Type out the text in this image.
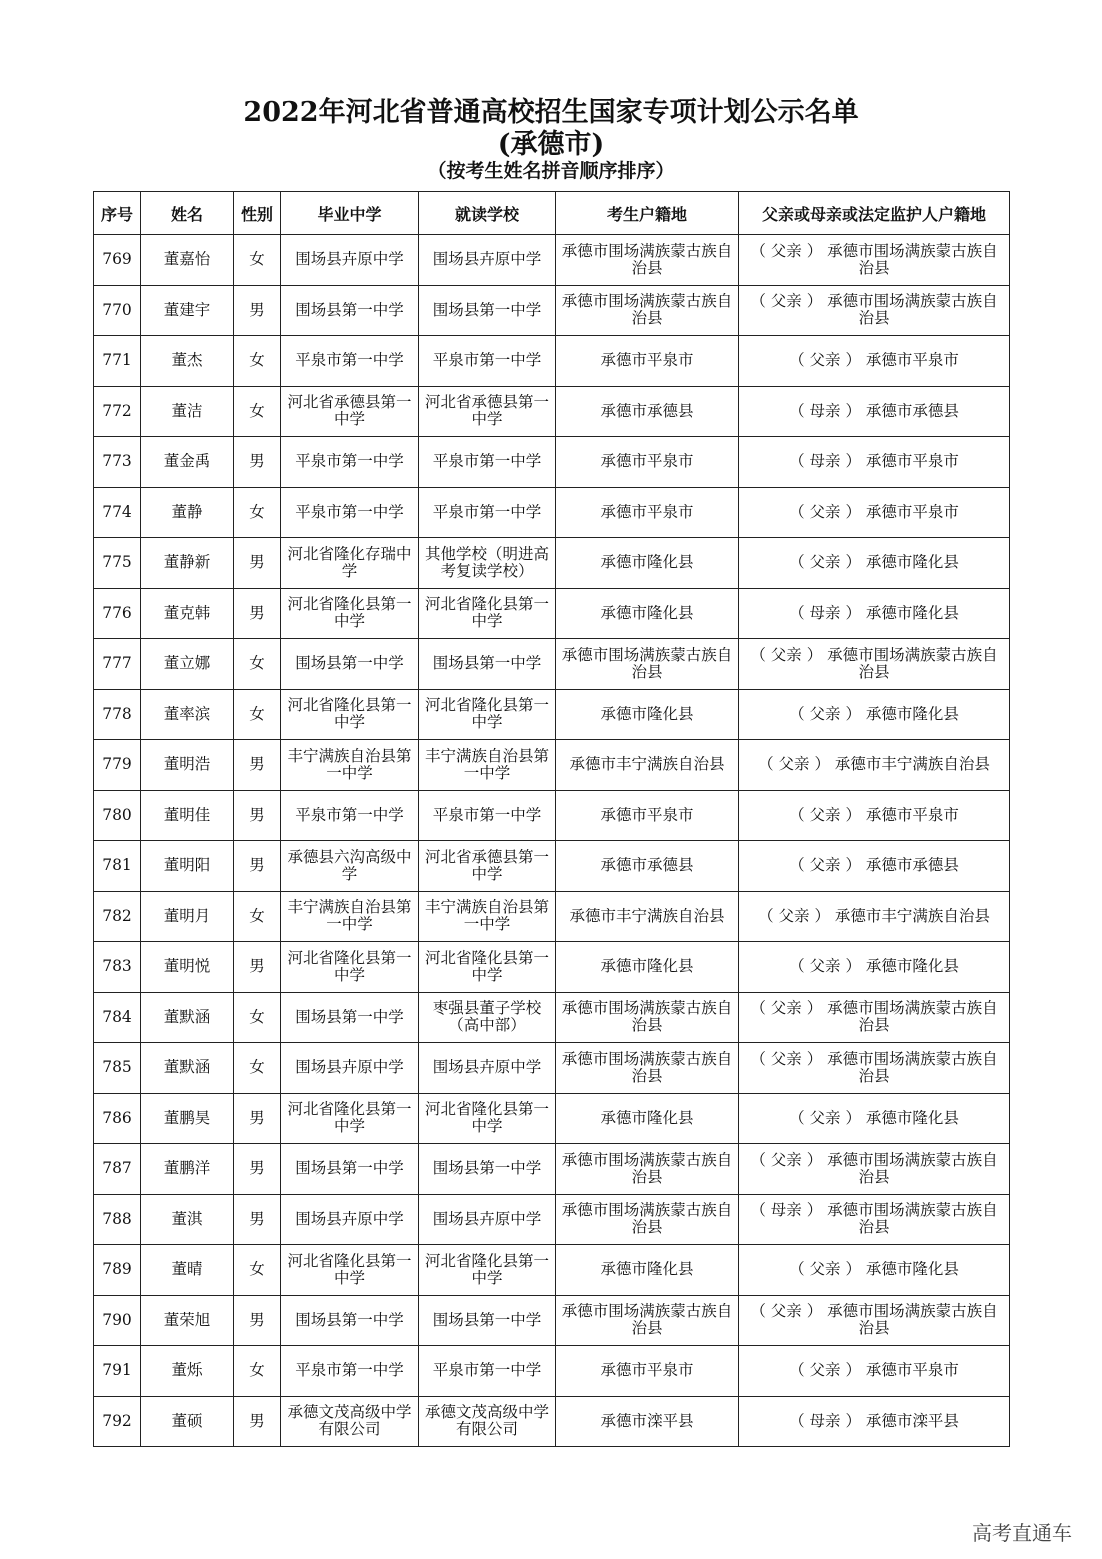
2022年河北省普通高校招生国家专项计划公示名单
(承德市)
（按考生姓名拼音顺序排序）
序号	姓名	性别	毕业中学	就读学校	考生户籍地	父亲或母亲或法定监护人户籍地
769	董嘉怡	女	围场县卉原中学	围场县卉原中学	承德市围场满族蒙古族自治县	（ 父亲 ） 承德市围场满族蒙古族自治县
770	董建宇	男	围场县第一中学	围场县第一中学	承德市围场满族蒙古族自治县	（ 父亲 ） 承德市围场满族蒙古族自治县
771	董杰	女	平泉市第一中学	平泉市第一中学	承德市平泉市	（ 父亲 ） 承德市平泉市
772	董洁	女	河北省承德县第一中学	河北省承德县第一中学	承德市承德县	（ 母亲 ） 承德市承德县
773	董金禹	男	平泉市第一中学	平泉市第一中学	承德市平泉市	（ 母亲 ） 承德市平泉市
774	董静	女	平泉市第一中学	平泉市第一中学	承德市平泉市	（ 父亲 ） 承德市平泉市
775	董静新	男	河北省隆化存瑞中学	其他学校（明进高考复读学校）	承德市隆化县	（ 父亲 ） 承德市隆化县
776	董克韩	男	河北省隆化县第一中学	河北省隆化县第一中学	承德市隆化县	（ 母亲 ） 承德市隆化县
777	董立娜	女	围场县第一中学	围场县第一中学	承德市围场满族蒙古族自治县	（ 父亲 ） 承德市围场满族蒙古族自治县
778	董率滨	女	河北省隆化县第一中学	河北省隆化县第一中学	承德市隆化县	（ 父亲 ） 承德市隆化县
779	董明浩	男	丰宁满族自治县第一中学	丰宁满族自治县第一中学	承德市丰宁满族自治县	（ 父亲 ） 承德市丰宁满族自治县
780	董明佳	男	平泉市第一中学	平泉市第一中学	承德市平泉市	（ 父亲 ） 承德市平泉市
781	董明阳	男	承德县六沟高级中学	河北省承德县第一中学	承德市承德县	（ 父亲 ） 承德市承德县
782	董明月	女	丰宁满族自治县第一中学	丰宁满族自治县第一中学	承德市丰宁满族自治县	（ 父亲 ） 承德市丰宁满族自治县
783	董明悦	男	河北省隆化县第一中学	河北省隆化县第一中学	承德市隆化县	（ 父亲 ） 承德市隆化县
784	董默涵	女	围场县第一中学	枣强县董子学校（高中部）	承德市围场满族蒙古族自治县	（ 父亲 ） 承德市围场满族蒙古族自治县
785	董默涵	女	围场县卉原中学	围场县卉原中学	承德市围场满族蒙古族自治县	（ 父亲 ） 承德市围场满族蒙古族自治县
786	董鹏昊	男	河北省隆化县第一中学	河北省隆化县第一中学	承德市隆化县	（ 父亲 ） 承德市隆化县
787	董鹏洋	男	围场县第一中学	围场县第一中学	承德市围场满族蒙古族自治县	（ 父亲 ） 承德市围场满族蒙古族自治县
788	董淇	男	围场县卉原中学	围场县卉原中学	承德市围场满族蒙古族自治县	（ 母亲 ） 承德市围场满族蒙古族自治县
789	董晴	女	河北省隆化县第一中学	河北省隆化县第一中学	承德市隆化县	（ 父亲 ） 承德市隆化县
790	董荣旭	男	围场县第一中学	围场县第一中学	承德市围场满族蒙古族自治县	（ 父亲 ） 承德市围场满族蒙古族自治县
791	董烁	女	平泉市第一中学	平泉市第一中学	承德市平泉市	（ 父亲 ） 承德市平泉市
792	董硕	男	承德文茂高级中学有限公司	承德文茂高级中学有限公司	承德市滦平县	（ 母亲 ） 承德市滦平县
高考直通车
